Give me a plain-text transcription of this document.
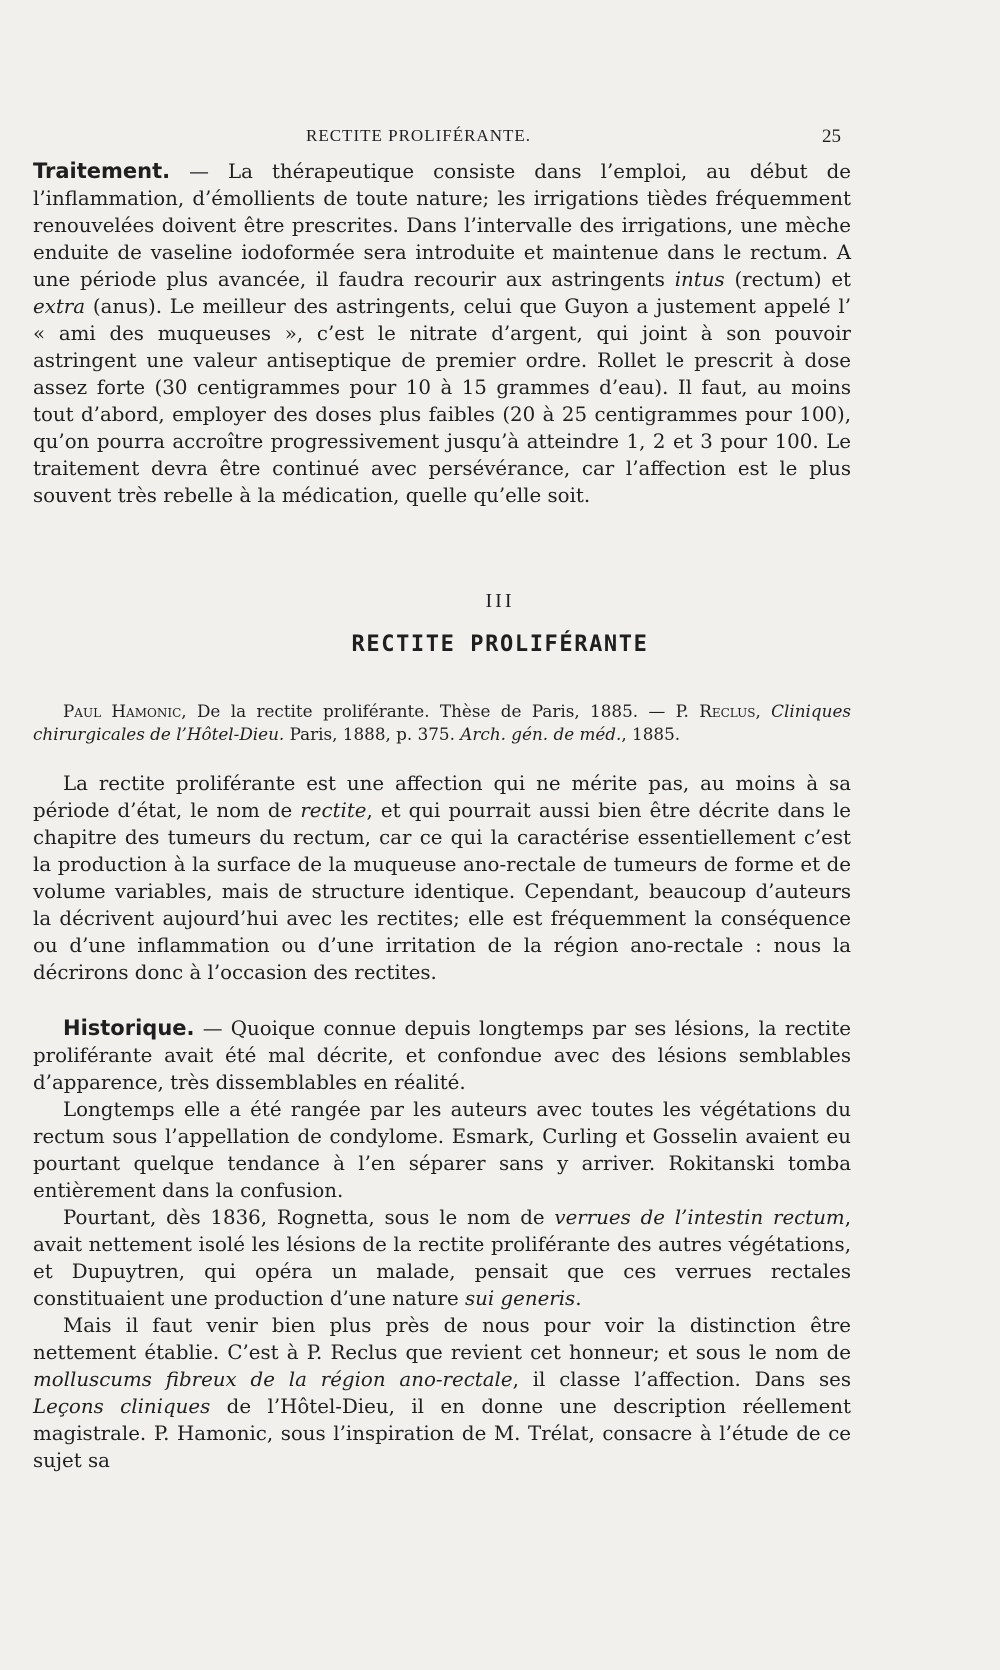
RECTITE PROLIFÉRANTE.	25

Traitement. — La thérapeutique consiste dans l’emploi, au début de l’inflammation, d’émollients de toute nature; les irrigations tièdes fréquemment renouvelées doivent être prescrites. Dans l’intervalle des irrigations, une mèche enduite de vaseline iodoformée sera introduite et maintenue dans le rectum. A une période plus avancée, il faudra recourir aux astringents intus (rectum) et extra (anus). Le meilleur des astringents, celui que Guyon a justement appelé l’ « ami des muqueuses », c’est le nitrate d’argent, qui joint à son pouvoir astringent une valeur antiseptique de premier ordre. Rollet le prescrit à dose assez forte (30 centigrammes pour 10 à 15 grammes d’eau). Il faut, au moins tout d’abord, employer des doses plus faibles (20 à 25 centigrammes pour 100), qu’on pourra accroître progressivement jusqu’à atteindre 1, 2 et 3 pour 100. Le traitement devra être continué avec persévérance, car l’affection est le plus souvent très rebelle à la médication, quelle qu’elle soit.

III
RECTITE PROLIFÉRANTE

Paul Hamonic, De la rectite proliférante. Thèse de Paris, 1885. — P. Reclus, Cliniques chirurgicales de l’Hôtel-Dieu. Paris, 1888, p. 375. Arch. gén. de méd., 1885.

La rectite proliférante est une affection qui ne mérite pas, au moins à sa période d’état, le nom de rectite, et qui pourrait aussi bien être décrite dans le chapitre des tumeurs du rectum, car ce qui la caractérise essentiellement c’est la production à la surface de la muqueuse ano-rectale de tumeurs de forme et de volume variables, mais de structure identique. Cependant, beaucoup d’auteurs la décrivent aujourd’hui avec les rectites; elle est fréquemment la conséquence ou d’une inflammation ou d’une irritation de la région ano-rectale : nous la décrirons donc à l’occasion des rectites.

Historique. — Quoique connue depuis longtemps par ses lésions, la rectite proliférante avait été mal décrite, et confondue avec des lésions semblables d’apparence, très dissemblables en réalité.

Longtemps elle a été rangée par les auteurs avec toutes les végétations du rectum sous l’appellation de condylome. Esmark, Curling et Gosselin avaient eu pourtant quelque tendance à l’en séparer sans y arriver. Rokitanski tomba entièrement dans la confusion.

Pourtant, dès 1836, Rognetta, sous le nom de verrues de l’intestin rectum, avait nettement isolé les lésions de la rectite proliférante des autres végétations, et Dupuytren, qui opéra un malade, pensait que ces verrues rectales constituaient une production d’une nature sui generis.

Mais il faut venir bien plus près de nous pour voir la distinction être nettement établie. C’est à P. Reclus que revient cet honneur; et sous le nom de molluscums fibreux de la région ano-rectale, il classe l’affection. Dans ses Leçons cliniques de l’Hôtel-Dieu, il en donne une description réellement magistrale. P. Hamonic, sous l’inspiration de M. Trélat, consacre à l’étude de ce sujet sa
